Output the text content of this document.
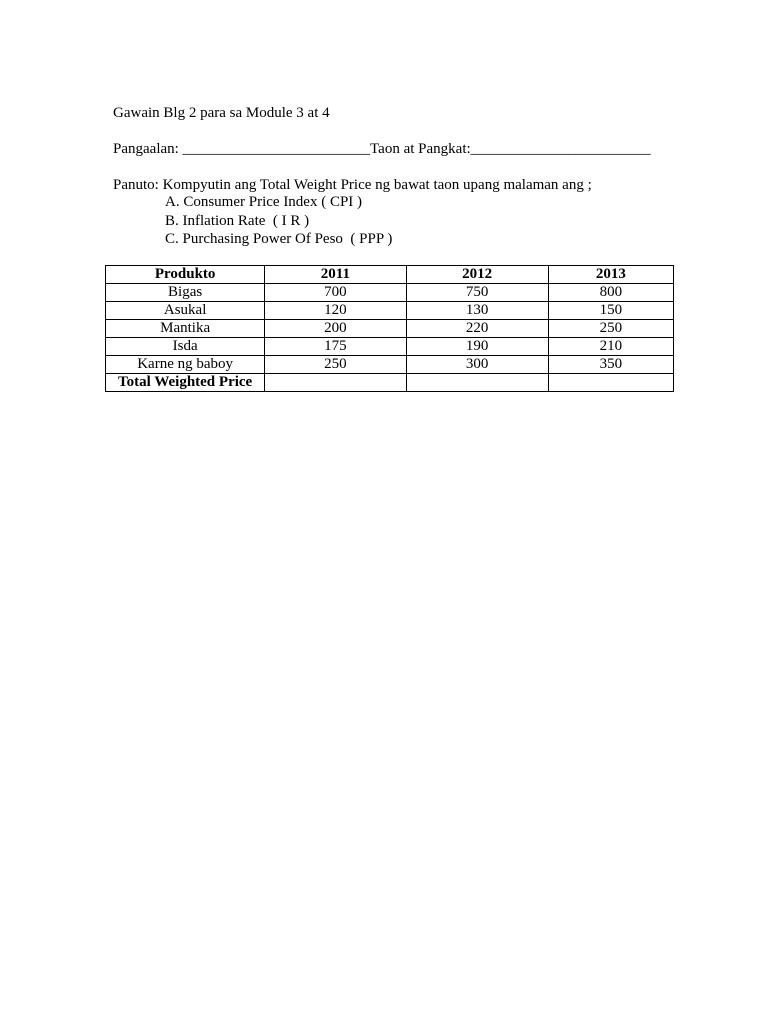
Gawain Blg 2 para sa Module 3 at 4
Pangaalan: _________________________Taon at Pangkat:________________________
Panuto: Kompyutin ang Total Weight Price ng bawat taon upang malaman ang ;
A. Consumer Price Index ( CPI )
B. Inflation Rate  ( I R )
C. Purchasing Power Of Peso  ( PPP )
Produkto	2011	2012	2013
Bigas	700	750	800
Asukal	120	130	150
Mantika	200	220	250
Isda	175	190	210
Karne ng baboy	250	300	350
Total Weighted Price			
